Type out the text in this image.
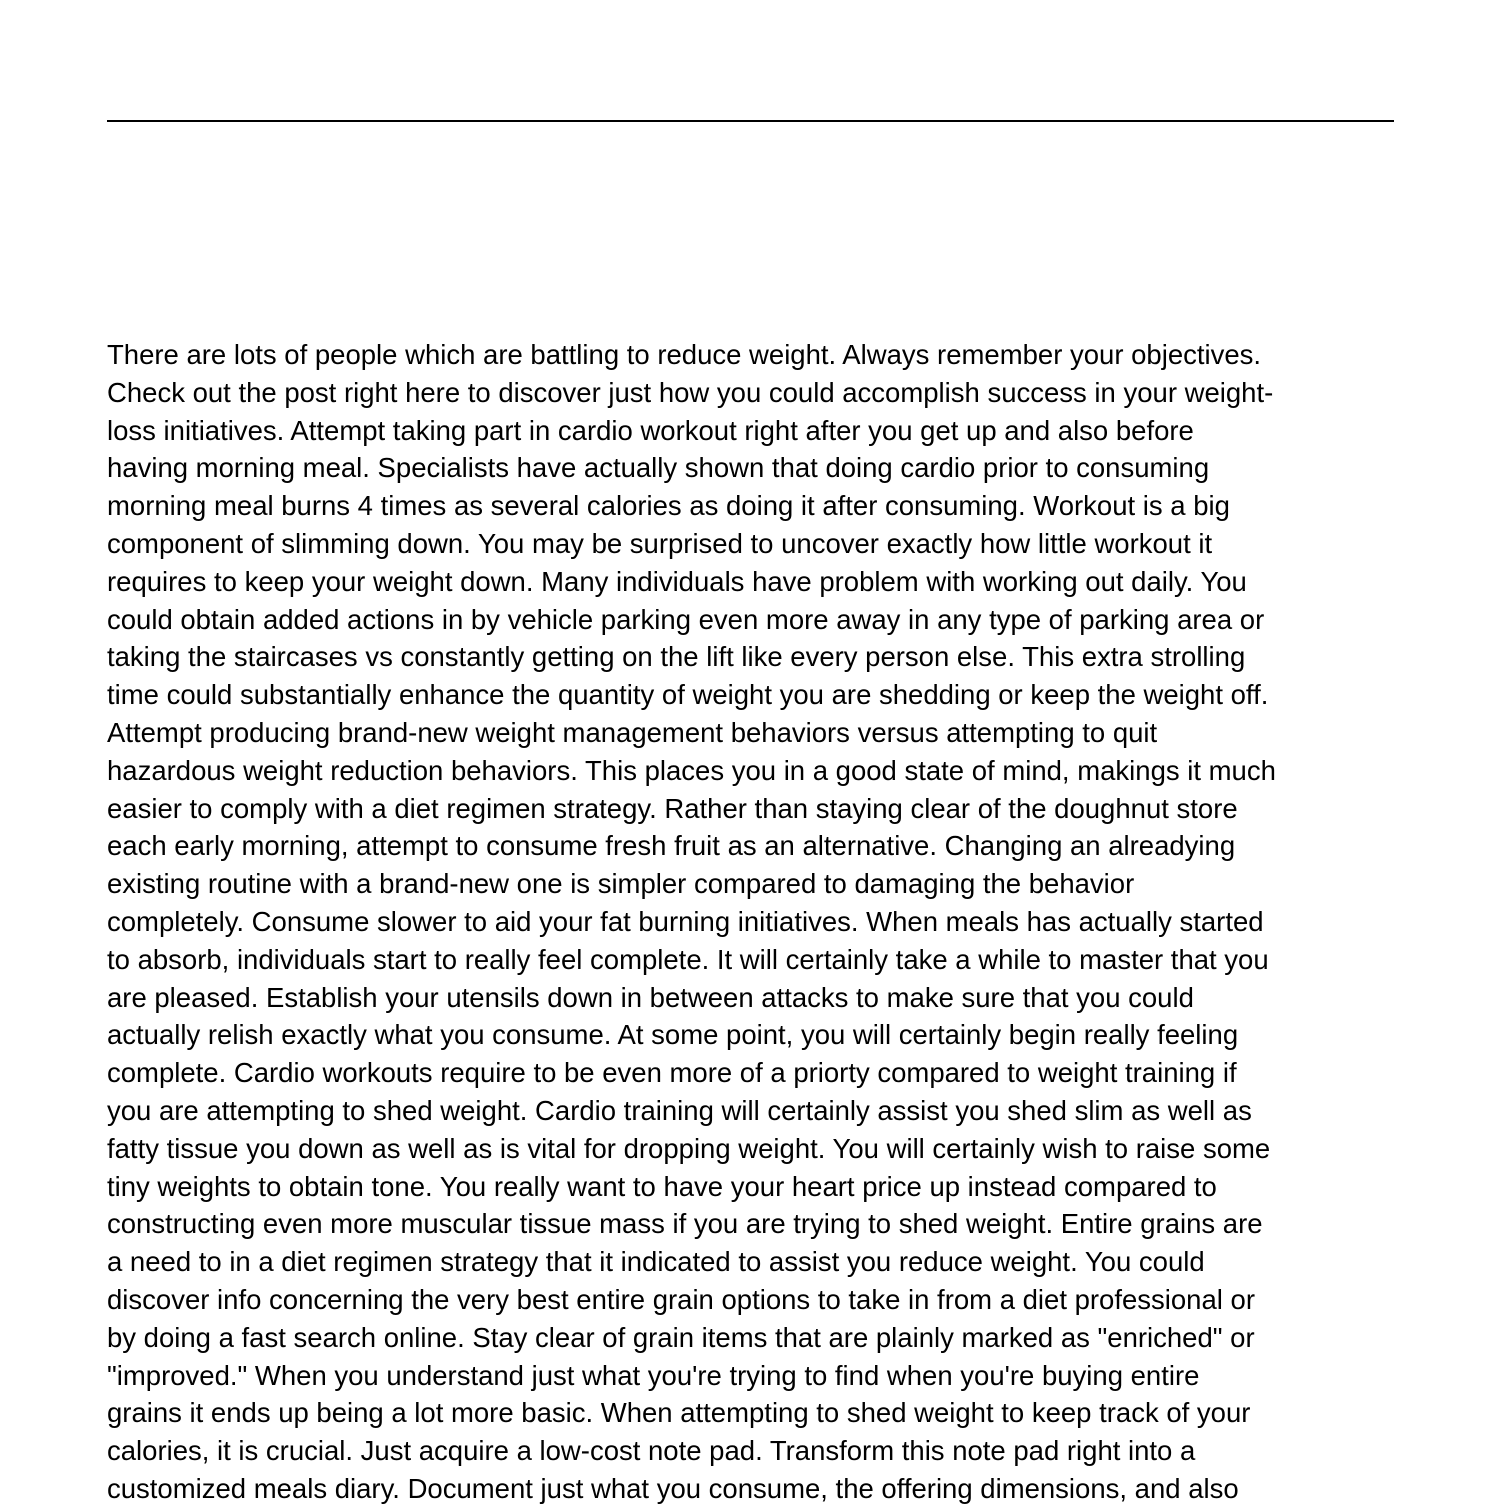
There are lots of people which are battling to reduce weight. Always remember your objectives.
Check out the post right here to discover just how you could accomplish success in your weight-
loss initiatives. Attempt taking part in cardio workout right after you get up and also before
having morning meal. Specialists have actually shown that doing cardio prior to consuming
morning meal burns 4 times as several calories as doing it after consuming. Workout is a big
component of slimming down. You may be surprised to uncover exactly how little workout it
requires to keep your weight down. Many individuals have problem with working out daily. You
could obtain added actions in by vehicle parking even more away in any type of parking area or
taking the staircases vs constantly getting on the lift like every person else. This extra strolling
time could substantially enhance the quantity of weight you are shedding or keep the weight off.
Attempt producing brand-new weight management behaviors versus attempting to quit
hazardous weight reduction behaviors. This places you in a good state of mind, makings it much
easier to comply with a diet regimen strategy. Rather than staying clear of the doughnut store
each early morning, attempt to consume fresh fruit as an alternative. Changing an alreadying
existing routine with a brand-new one is simpler compared to damaging the behavior
completely. Consume slower to aid your fat burning initiatives. When meals has actually started
to absorb, individuals start to really feel complete. It will certainly take a while to master that you
are pleased. Establish your utensils down in between attacks to make sure that you could
actually relish exactly what you consume. At some point, you will certainly begin really feeling
complete. Cardio workouts require to be even more of a priorty compared to weight training if
you are attempting to shed weight. Cardio training will certainly assist you shed slim as well as
fatty tissue you down as well as is vital for dropping weight. You will certainly wish to raise some
tiny weights to obtain tone. You really want to have your heart price up instead compared to
constructing even more muscular tissue mass if you are trying to shed weight. Entire grains are
a need to in a diet regimen strategy that it indicated to assist you reduce weight. You could
discover info concerning the very best entire grain options to take in from a diet professional or
by doing a fast search online. Stay clear of grain items that are plainly marked as "enriched" or
"improved." When you understand just what you're trying to find when you're buying entire
grains it ends up being a lot more basic. When attempting to shed weight to keep track of your
calories, it is crucial. Just acquire a low-cost note pad. Transform this note pad right into a
customized meals diary. Document just what you consume, the offering dimensions, and also
